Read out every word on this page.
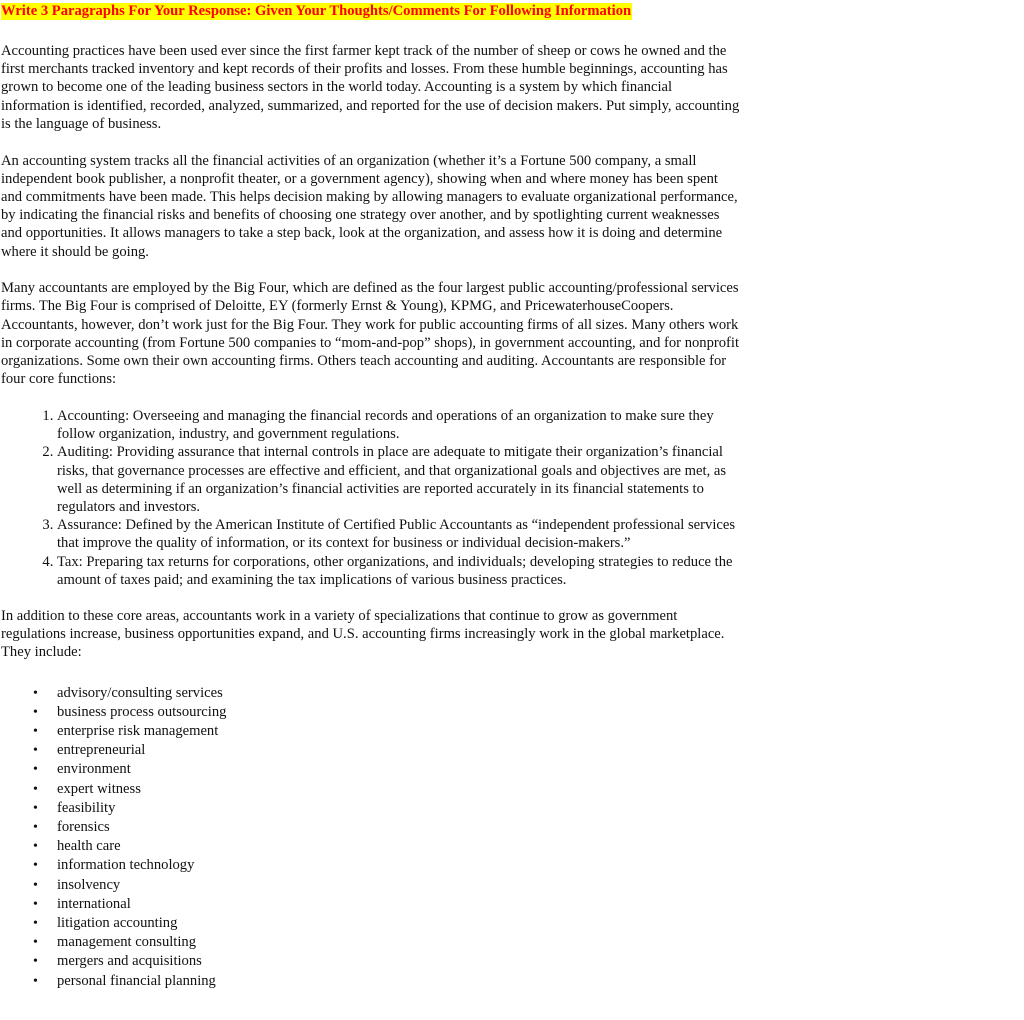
Write 3 Paragraphs For Your Response: Given Your Thoughts/Comments For Following Information

Accounting practices have been used ever since the first farmer kept track of the number of sheep or cows he owned and the first merchants tracked inventory and kept records of their profits and losses. From these humble beginnings, accounting has grown to become one of the leading business sectors in the world today. Accounting is a system by which financial information is identified, recorded, analyzed, summarized, and reported for the use of decision makers. Put simply, accounting is the language of business.

An accounting system tracks all the financial activities of an organization (whether it’s a Fortune 500 company, a small independent book publisher, a nonprofit theater, or a government agency), showing when and where money has been spent and commitments have been made. This helps decision making by allowing managers to evaluate organizational performance, by indicating the financial risks and benefits of choosing one strategy over another, and by spotlighting current weaknesses and opportunities. It allows managers to take a step back, look at the organization, and assess how it is doing and determine where it should be going.

Many accountants are employed by the Big Four, which are defined as the four largest public accounting/professional services firms. The Big Four is comprised of Deloitte, EY (formerly Ernst & Young), KPMG, and PricewaterhouseCoopers. Accountants, however, don’t work just for the Big Four. They work for public accounting firms of all sizes. Many others work in corporate accounting (from Fortune 500 companies to “mom-and-pop” shops), in government accounting, and for nonprofit organizations. Some own their own accounting firms. Others teach accounting and auditing. Accountants are responsible for four core functions:

1. Accounting: Overseeing and managing the financial records and operations of an organization to make sure they follow organization, industry, and government regulations.
2. Auditing: Providing assurance that internal controls in place are adequate to mitigate their organization’s financial risks, that governance processes are effective and efficient, and that organizational goals and objectives are met, as well as determining if an organization’s financial activities are reported accurately in its financial statements to regulators and investors.
3. Assurance: Defined by the American Institute of Certified Public Accountants as “independent professional services that improve the quality of information, or its context for business or individual decision-makers.”
4. Tax: Preparing tax returns for corporations, other organizations, and individuals; developing strategies to reduce the amount of taxes paid; and examining the tax implications of various business practices.

In addition to these core areas, accountants work in a variety of specializations that continue to grow as government regulations increase, business opportunities expand, and U.S. accounting firms increasingly work in the global marketplace. They include:

• advisory/consulting services
• business process outsourcing
• enterprise risk management
• entrepreneurial
• environment
• expert witness
• feasibility
• forensics
• health care
• information technology
• insolvency
• international
• litigation accounting
• management consulting
• mergers and acquisitions
• personal financial planning
